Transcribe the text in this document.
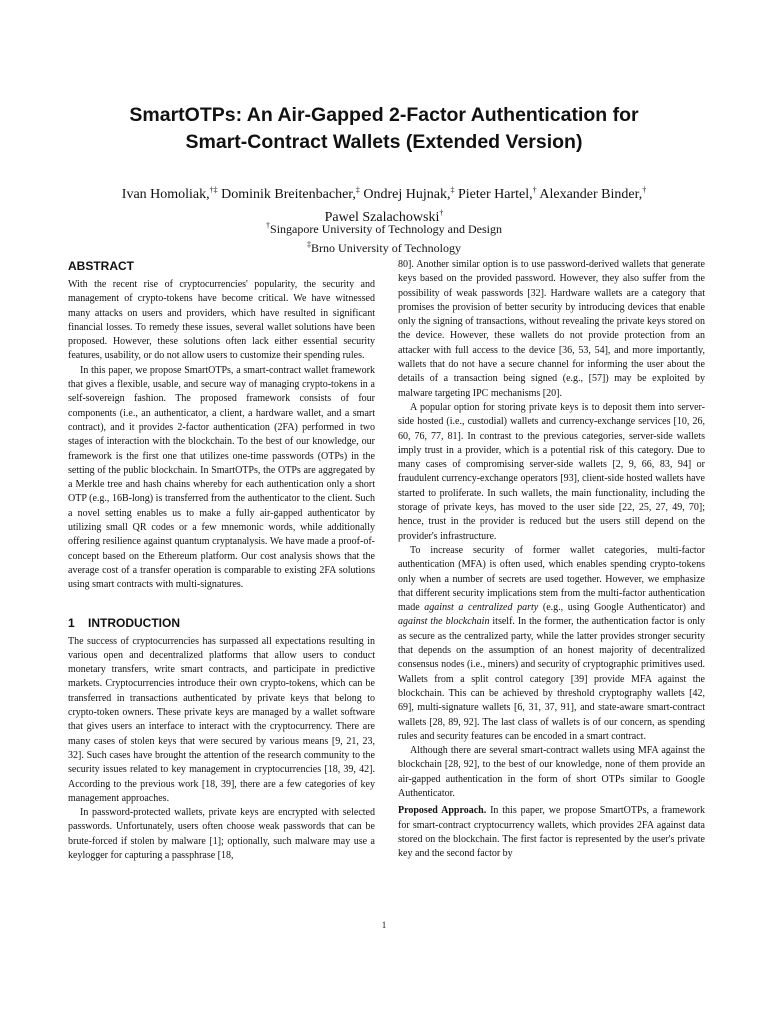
SmartOTPs: An Air-Gapped 2-Factor Authentication for
Smart-Contract Wallets (Extended Version)
Ivan Homoliak,†‡ Dominik Breitenbacher,‡ Ondrej Hujnak,‡ Pieter Hartel,† Alexander Binder,†
Pawel Szalachowski†
†Singapore University of Technology and Design
‡Brno University of Technology
ABSTRACT

With the recent rise of cryptocurrencies' popularity, the security and management of crypto-tokens have become critical. We have witnessed many attacks on users and providers, which have resulted in significant financial losses. To remedy these issues, several wallet solutions have been proposed. However, these solutions often lack either essential security features, usability, or do not allow users to customize their spending rules.

In this paper, we propose SmartOTPs, a smart-contract wallet framework that gives a flexible, usable, and secure way of managing crypto-tokens in a self-sovereign fashion. The proposed framework consists of four components (i.e., an authenticator, a client, a hardware wallet, and a smart contract), and it provides 2-factor authentication (2FA) performed in two stages of interaction with the blockchain. To the best of our knowledge, our framework is the first one that utilizes one-time passwords (OTPs) in the setting of the public blockchain. In SmartOTPs, the OTPs are aggregated by a Merkle tree and hash chains whereby for each authentication only a short OTP (e.g., 16B-long) is transferred from the authenticator to the client. Such a novel setting enables us to make a fully air-gapped authenticator by utilizing small QR codes or a few mnemonic words, while additionally offering resilience against quantum cryptanalysis. We have made a proof-of-concept based on the Ethereum platform. Our cost analysis shows that the average cost of a transfer operation is comparable to existing 2FA solutions using smart contracts with multi-signatures.

1 INTRODUCTION

The success of cryptocurrencies has surpassed all expectations resulting in various open and decentralized platforms that allow users to conduct monetary transfers, write smart contracts, and participate in predictive markets. Cryptocurrencies introduce their own crypto-tokens, which can be transferred in transactions authenticated by private keys that belong to crypto-token owners. These private keys are managed by a wallet software that gives users an interface to interact with the cryptocurrency. There are many cases of stolen keys that were secured by various means [9, 21, 23, 32]. Such cases have brought the attention of the research community to the security issues related to key management in cryptocurrencies [18, 39, 42]. According to the previous work [18, 39], there are a few categories of key management approaches.

In password-protected wallets, private keys are encrypted with selected passwords. Unfortunately, users often choose weak passwords that can be brute-forced if stolen by malware [1]; optionally, such malware may use a keylogger for capturing a passphrase [18,

80]. Another similar option is to use password-derived wallets that generate keys based on the provided password. However, they also suffer from the possibility of weak passwords [32]. Hardware wallets are a category that promises the provision of better security by introducing devices that enable only the signing of transactions, without revealing the private keys stored on the device. However, these wallets do not provide protection from an attacker with full access to the device [36, 53, 54], and more importantly, wallets that do not have a secure channel for informing the user about the details of a transaction being signed (e.g., [57]) may be exploited by malware targeting IPC mechanisms [20].

A popular option for storing private keys is to deposit them into server-side hosted (i.e., custodial) wallets and currency-exchange services [10, 26, 60, 76, 77, 81]. In contrast to the previous categories, server-side wallets imply trust in a provider, which is a potential risk of this category. Due to many cases of compromising server-side wallets [2, 9, 66, 83, 94] or fraudulent currency-exchange operators [93], client-side hosted wallets have started to proliferate. In such wallets, the main functionality, including the storage of private keys, has moved to the user side [22, 25, 27, 49, 70]; hence, trust in the provider is reduced but the users still depend on the provider's infrastructure.

To increase security of former wallet categories, multi-factor authentication (MFA) is often used, which enables spending crypto-tokens only when a number of secrets are used together. However, we emphasize that different security implications stem from the multi-factor authentication made against a centralized party (e.g., using Google Authenticator) and against the blockchain itself. In the former, the authentication factor is only as secure as the centralized party, while the latter provides stronger security that depends on the assumption of an honest majority of decentralized consensus nodes (i.e., miners) and security of cryptographic primitives used. Wallets from a split control category [39] provide MFA against the blockchain. This can be achieved by threshold cryptography wallets [42, 69], multi-signature wallets [6, 31, 37, 91], and state-aware smart-contract wallets [28, 89, 92]. The last class of wallets is of our concern, as spending rules and security features can be encoded in a smart contract.

Although there are several smart-contract wallets using MFA against the blockchain [28, 92], to the best of our knowledge, none of them provide an air-gapped authentication in the form of short OTPs similar to Google Authenticator.

Proposed Approach. In this paper, we propose SmartOTPs, a framework for smart-contract cryptocurrency wallets, which provides 2FA against data stored on the blockchain. The first factor is represented by the user's private key and the second factor by

1
